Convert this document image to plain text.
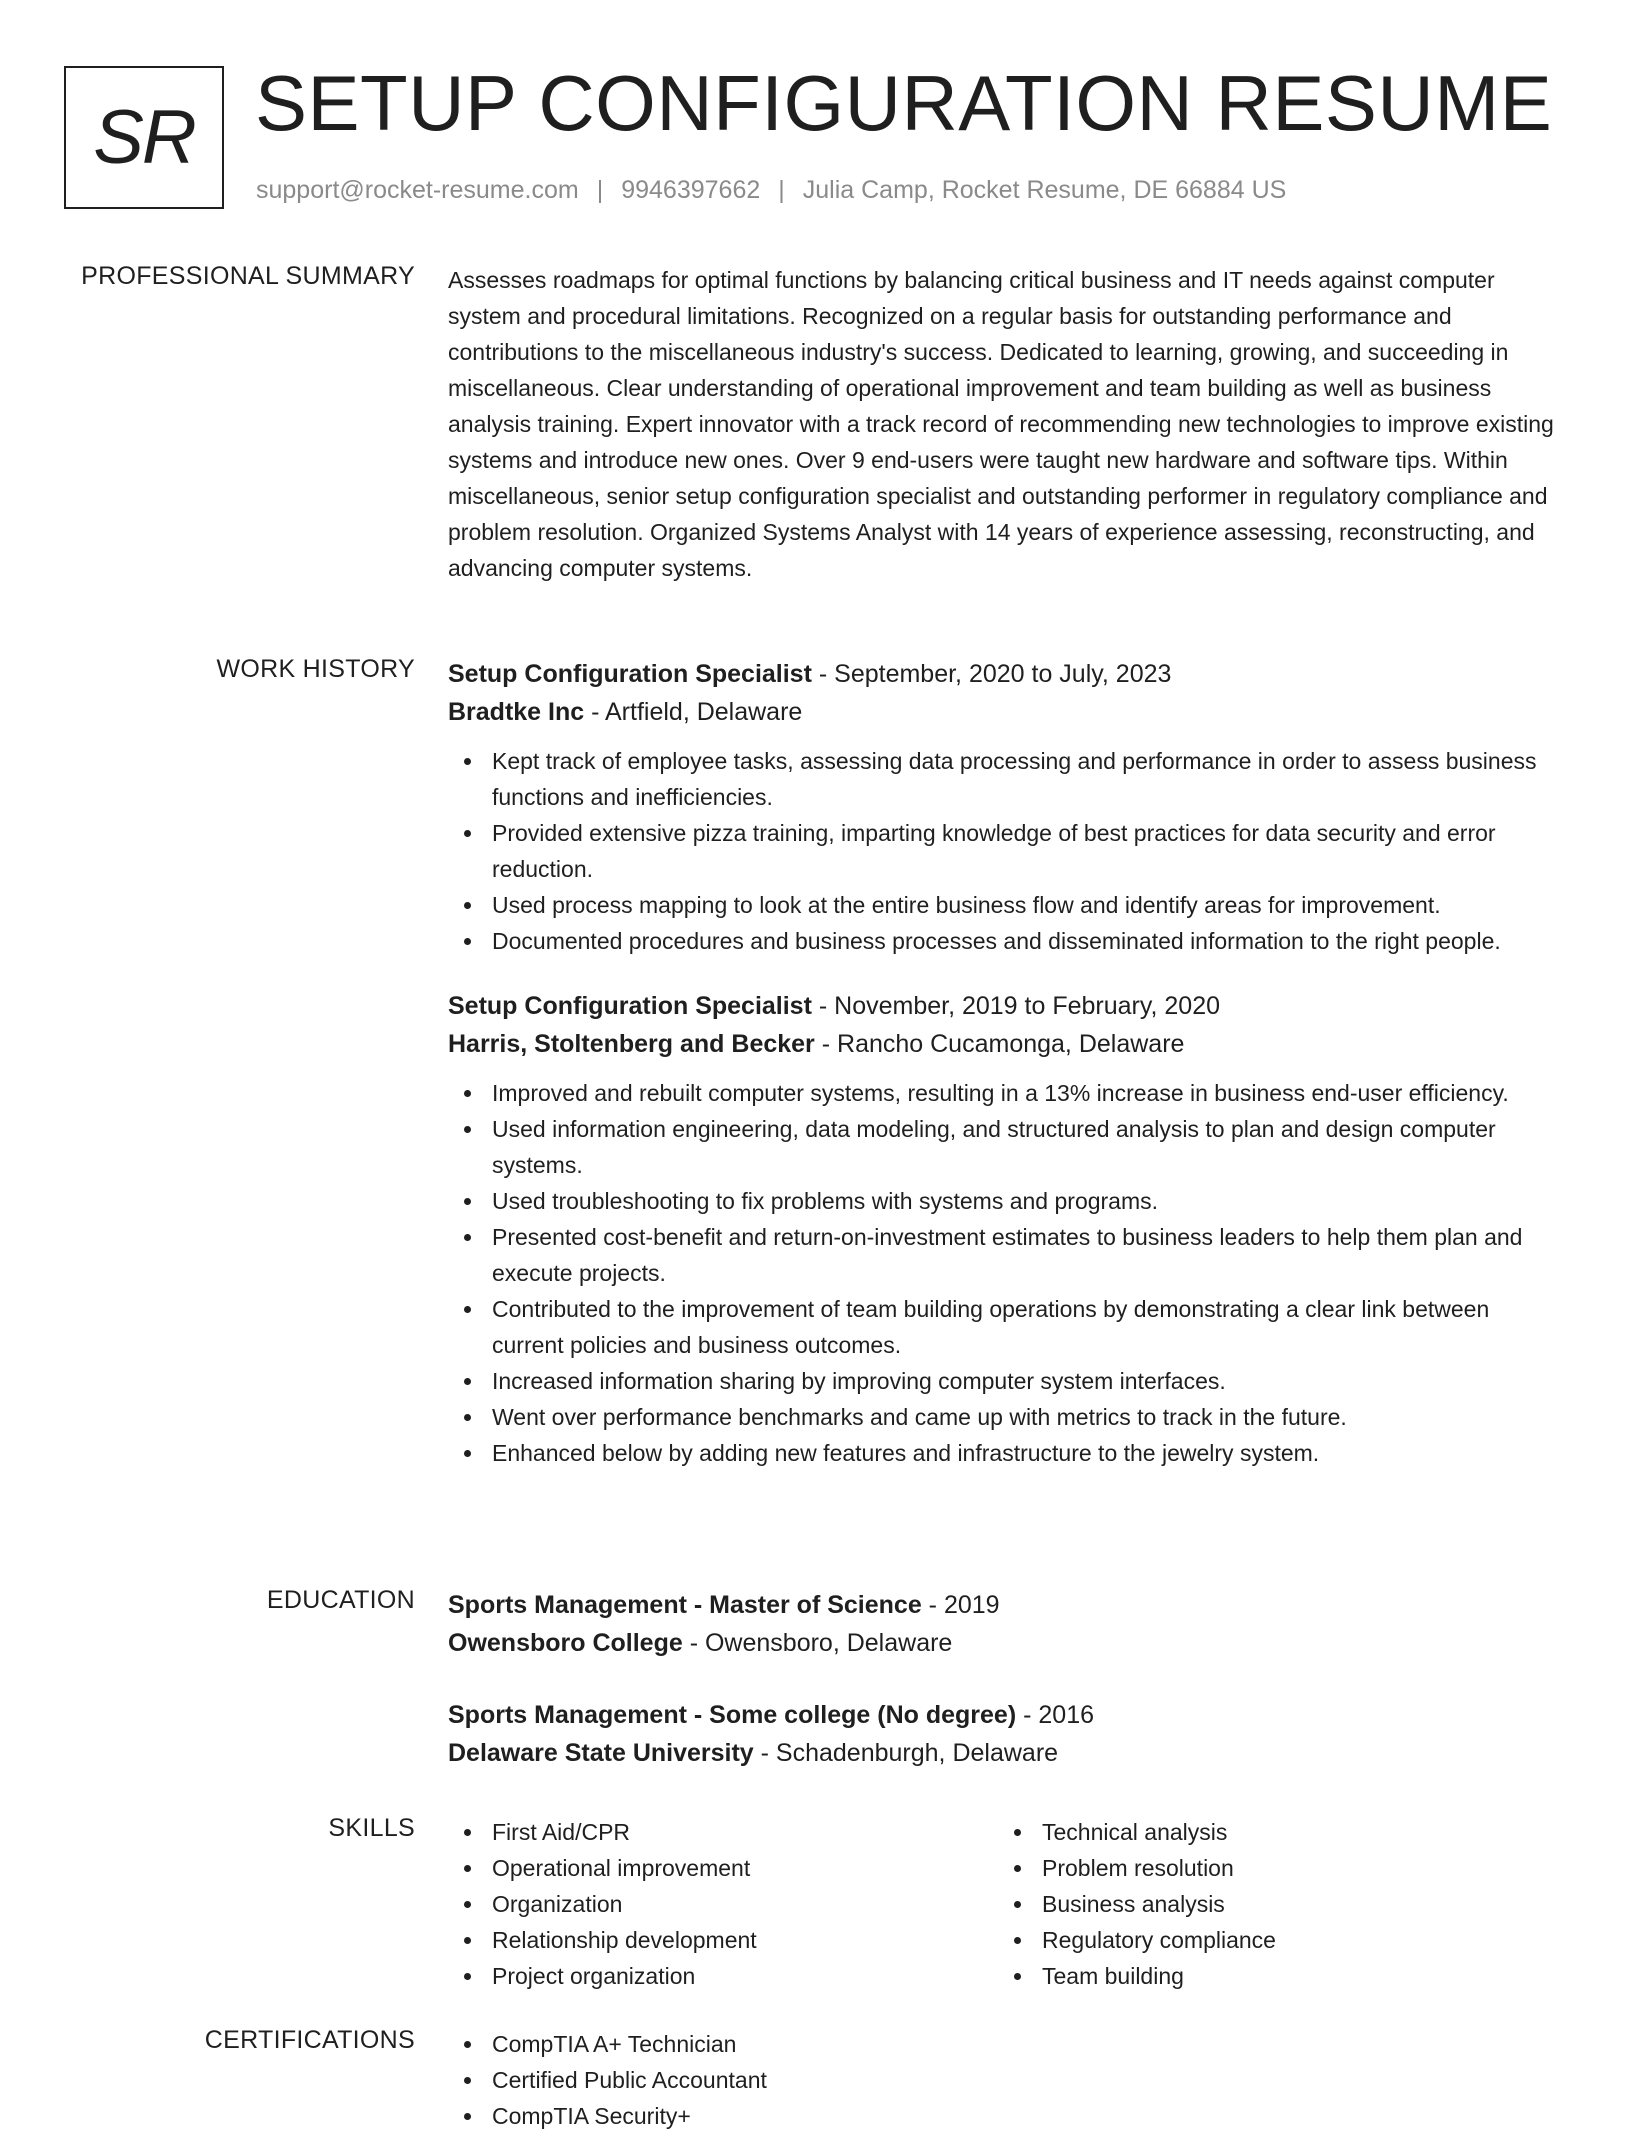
SR SETUP CONFIGURATION RESUME
support@rocket-resume.com | 9946397662 | Julia Camp, Rocket Resume, DE 66884 US
PROFESSIONAL SUMMARY Assesses roadmaps for optimal functions by balancing critical business and IT needs against computer system and procedural limitations. Recognized on a regular basis for outstanding performance and contributions to the miscellaneous industry's success. Dedicated to learning, growing, and succeeding in miscellaneous. Clear understanding of operational improvement and team building as well as business analysis training. Expert innovator with a track record of recommending new technologies to improve existing systems and introduce new ones. Over 9 end-users were taught new hardware and software tips. Within miscellaneous, senior setup configuration specialist and outstanding performer in regulatory compliance and problem resolution. Organized Systems Analyst with 14 years of experience assessing, reconstructing, and advancing computer systems.
WORK HISTORY Setup Configuration Specialist - September, 2020 to July, 2023
Bradtke Inc - Artfield, Delaware
Kept track of employee tasks, assessing data processing and performance in order to assess business functions and inefficiencies.
Provided extensive pizza training, imparting knowledge of best practices for data security and error reduction.
Used process mapping to look at the entire business flow and identify areas for improvement.
Documented procedures and business processes and disseminated information to the right people.
Setup Configuration Specialist - November, 2019 to February, 2020
Harris, Stoltenberg and Becker - Rancho Cucamonga, Delaware
Improved and rebuilt computer systems, resulting in a 13% increase in business end-user efficiency.
Used information engineering, data modeling, and structured analysis to plan and design computer systems.
Used troubleshooting to fix problems with systems and programs.
Presented cost-benefit and return-on-investment estimates to business leaders to help them plan and execute projects.
Contributed to the improvement of team building operations by demonstrating a clear link between current policies and business outcomes.
Increased information sharing by improving computer system interfaces.
Went over performance benchmarks and came up with metrics to track in the future.
Enhanced below by adding new features and infrastructure to the jewelry system.
EDUCATION Sports Management - Master of Science - 2019
Owensboro College - Owensboro, Delaware
Sports Management - Some college (No degree) - 2016
Delaware State University - Schadenburgh, Delaware
SKILLS	First Aid/CPR
Operational improvement
Organization
Relationship development
Project organization
Technical analysis
Problem resolution
Business analysis
Regulatory compliance
Team building
CERTIFICATIONS	CompTIA A+ Technician
Certified Public Accountant
CompTIA Security+
